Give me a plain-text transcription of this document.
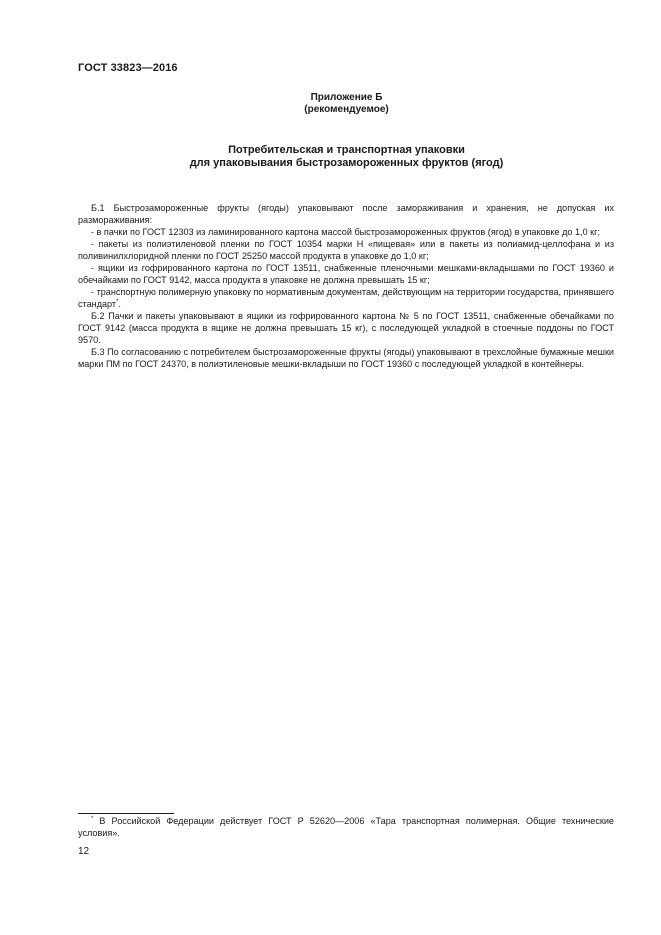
ГОСТ 33823—2016
Приложение Б
(рекомендуемое)
Потребительская и транспортная упаковки
для упаковывания быстрозамороженных фруктов (ягод)

Б.1 Быстрозамороженные фрукты (ягоды) упаковывают после замораживания и хранения, не допуская их размораживания:

- в пачки по ГОСТ 12303 из ламинированного картона массой быстрозамороженных фруктов (ягод) в упаковке до 1,0 кг;

- пакеты из полиэтиленовой пленки по ГОСТ 10354 марки Н «пищевая» или в пакеты из полиамид-целлофана и из поливинилхлоридной пленки по ГОСТ 25250 массой продукта в упаковке до 1,0 кг;

- ящики из гофрированного картона по ГОСТ 13511, снабженные пленочными мешками-вкладышами по ГОСТ 19360 и обечайками по ГОСТ 9142, масса продукта в упаковке не должна превышать 15 кг;

- транспортную полимерную упаковку по нормативным документам, действующим на территории государства, принявшего стандарт*.

Б.2 Пачки и пакеты упаковывают в ящики из гофрированного картона № 5 по ГОСТ 13511, снабженные обечайками по ГОСТ 9142 (масса продукта в ящике не должна превышать 15 кг), с последующей укладкой в стоечные поддоны по ГОСТ 9570.

Б.3 По согласованию с потребителем быстрозамороженные фрукты (ягоды) упаковывают в трехслойные бумажные мешки марки ПМ по ГОСТ 24370, в полиэтиленовые мешки-вкладыши по ГОСТ 19360 с последующей укладкой в контейнеры.

* В Российской Федерации действует ГОСТ Р 52620—2006 «Тара транспортная полимерная. Общие технические условия».

12
